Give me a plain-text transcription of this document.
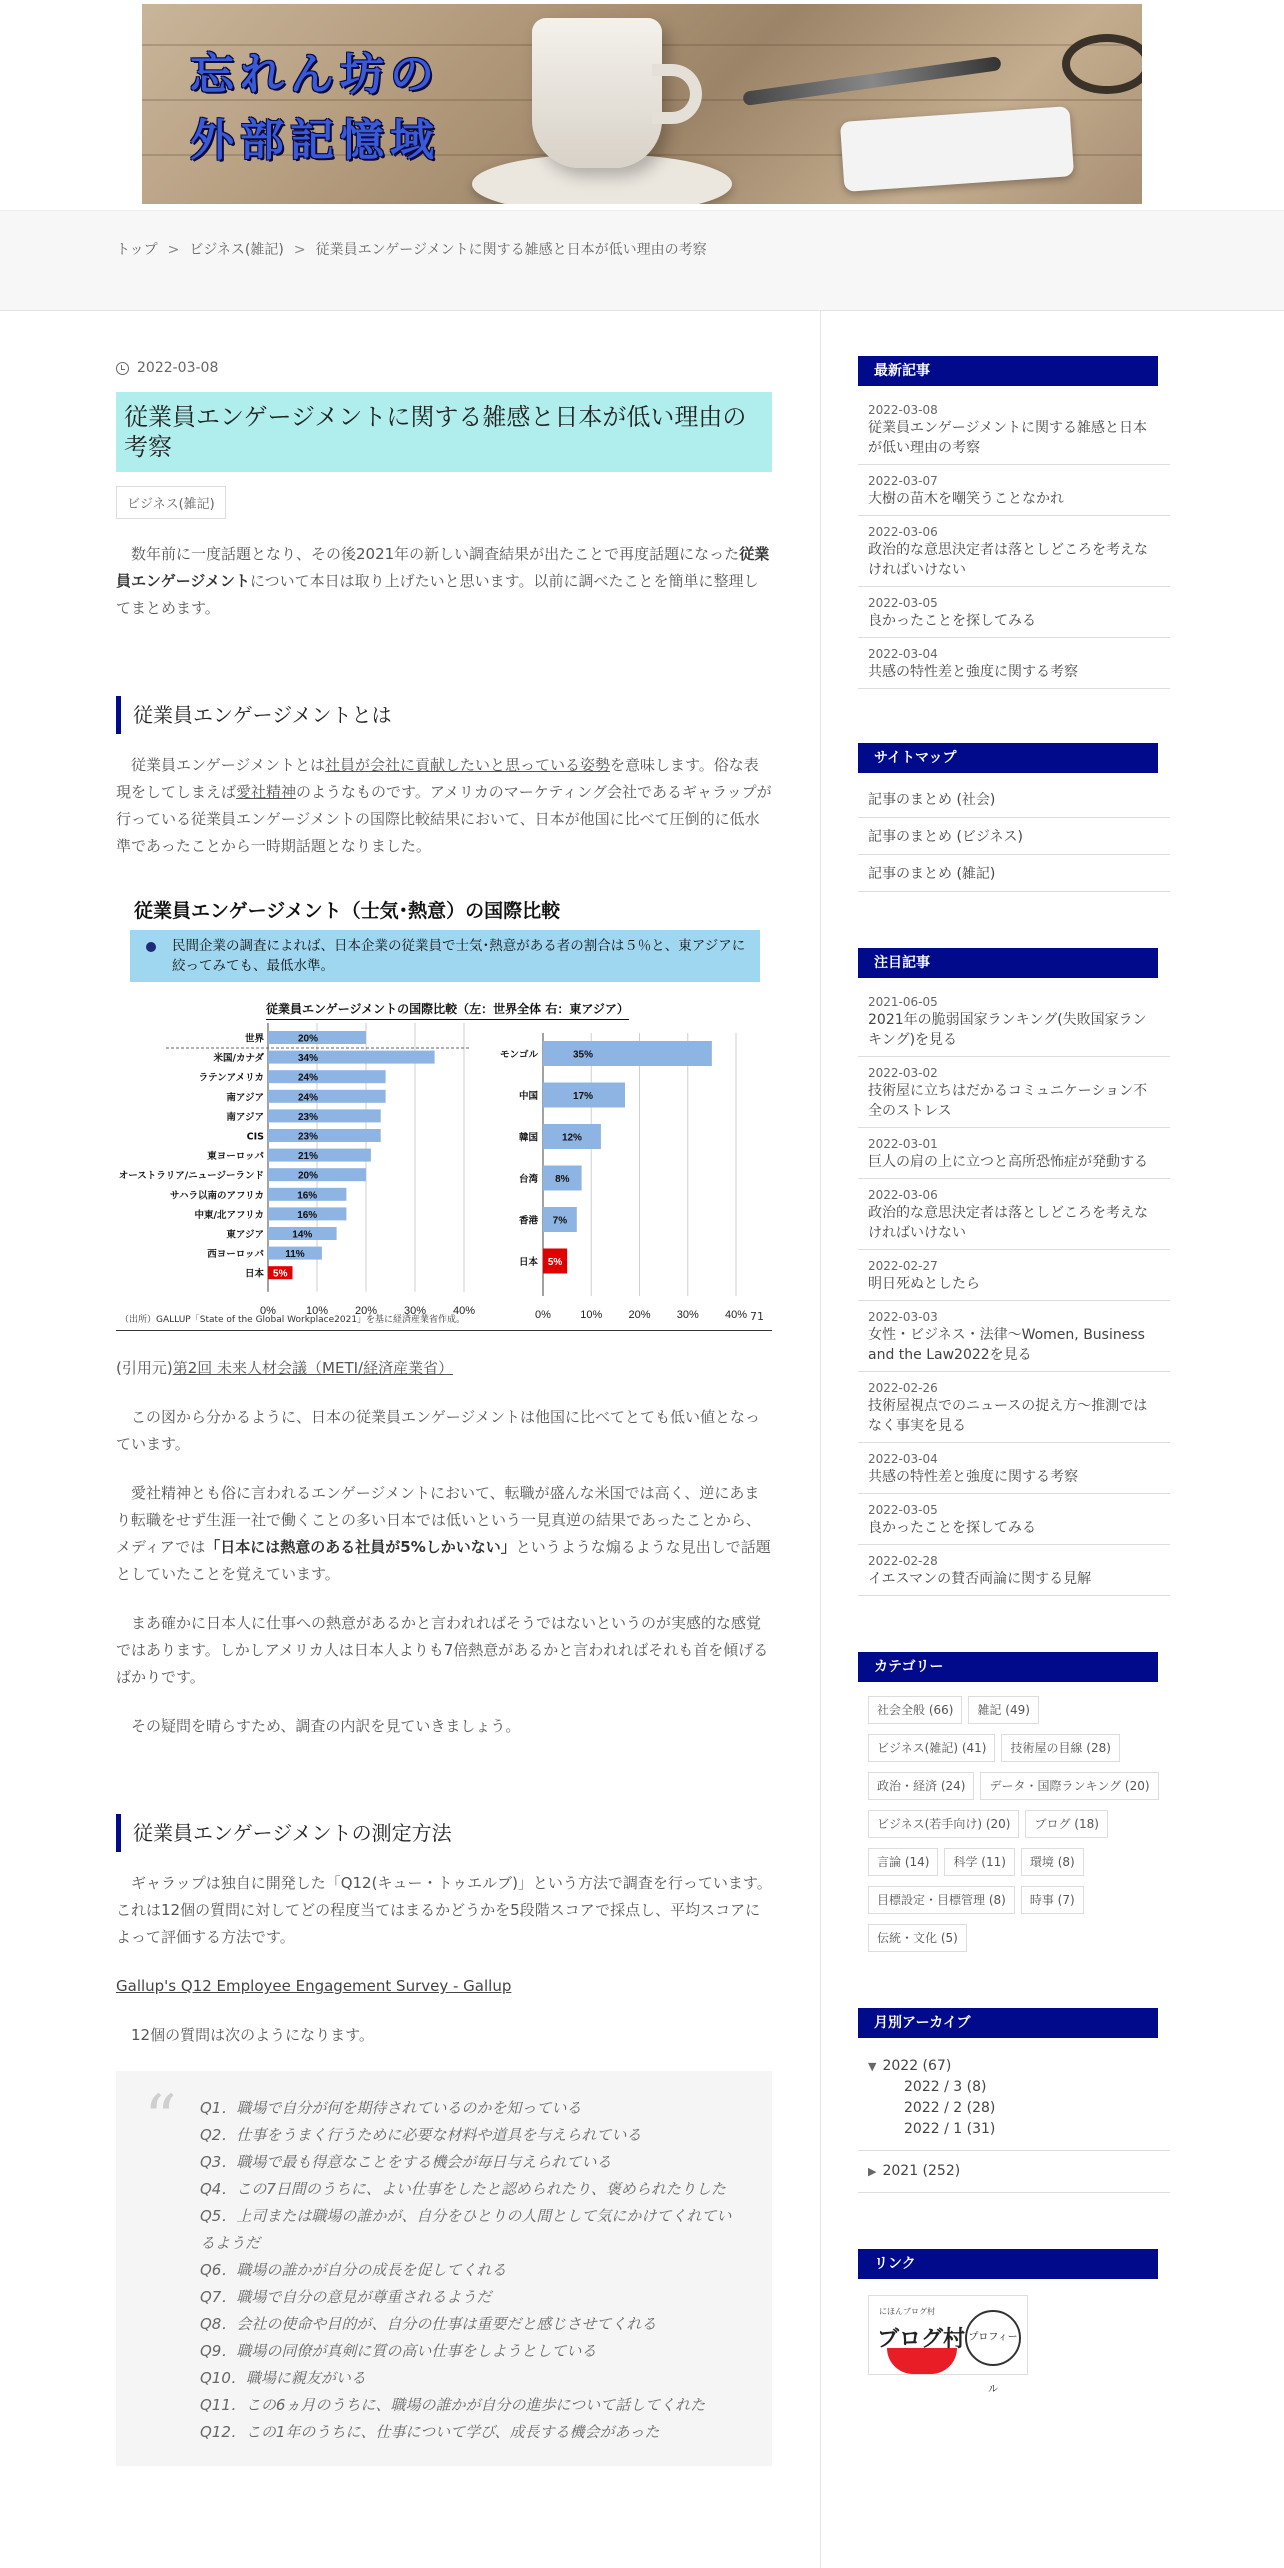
忘れん坊の
外部記憶域
トップ > ビジネス(雑記) > 従業員エンゲージメントに関する雑感と日本が低い理由の考察
2022-03-08
従業員エンゲージメントに関する雑感と日本が低い理由の考察
ビジネス(雑記)

数年前に一度話題となり、その後2021年の新しい調査結果が出たことで再度話題になった従業員エンゲージメントについて本日は取り上げたいと思います。以前に調べたことを簡単に整理してまとめます。

従業員エンゲージメントとは

従業員エンゲージメントとは社員が会社に貢献したいと思っている姿勢を意味します。俗な表現をしてしまえば愛社精神のようなものです。アメリカのマーケティング会社であるギャラップが行っている従業員エンゲージメントの国際比較結果において、日本が他国に比べて圧倒的に低水準であったことから一時期話題となりました。

従業員エンゲージメント（士気･熱意）の国際比較
民間企業の調査によれば、日本企業の従業員で士気･熱意がある者の割合は５％と、東アジアに絞ってみても、最低水準。
従業員エンゲージメントの国際比較（左：世界全体 右：東アジア）
0%	10% 20% 30% 40%
20%
世界
34%
米国/カナダ
24%
ラテンアメリカ
24%
南アジア
23%
南アジア
23%
CIS
21%
東ヨーロッパ
20%
オーストラリア/ニュージーランド
16%
サハラ以南のアフリカ
16%
中東/北アフリカ
14%
東アジア
11%
西ヨーロッパ
5%
日本
0%	10% 20% 30% 40%
35%
モンゴル
17%
中国
12%
韓国
8%
台湾
7%
香港
5%
日本
（出所）GALLUP「State of the Global Workplace2021」を基に経済産業省作成。	71

(引用元)第2回 未来人材会議（METI/経済産業省）

この図から分かるように、日本の従業員エンゲージメントは他国に比べてとても低い値となっています。

愛社精神とも俗に言われるエンゲージメントにおいて、転職が盛んな米国では高く、逆にあまり転職をせず生涯一社で働くことの多い日本では低いという一見真逆の結果であったことから、メディアでは「日本には熱意のある社員が5%しかいない」というような煽るような見出しで話題としていたことを覚えています。

まあ確かに日本人に仕事への熱意があるかと言われればそうではないというのが実感的な感覚ではあります。しかしアメリカ人は日本人よりも7倍熱意があるかと言われればそれも首を傾げるばかりです。

その疑問を晴らすため、調査の内訳を見ていきましょう。

従業員エンゲージメントの測定方法

ギャラップは独自に開発した「Q12(キュー・トゥエルブ)」という方法で調査を行っています。これは12個の質問に対してどの程度当てはまるかどうかを5段階スコアで採点し、平均スコアによって評価する方法です。

Gallup's Q12 Employee Engagement Survey - Gallup

12個の質問は次のようになります。

“ Q1．職場で自分が何を期待されているのかを知っている
Q2．仕事をうまく行うために必要な材料や道具を与えられている
Q3．職場で最も得意なことをする機会が毎日与えられている
Q4．この7日間のうちに、よい仕事をしたと認められたり、褒められたりした
Q5．上司または職場の誰かが、自分をひとりの人間として気にかけてくれているようだ
Q6．職場の誰かが自分の成長を促してくれる
Q7．職場で自分の意見が尊重されるようだ
Q8．会社の使命や目的が、自分の仕事は重要だと感じさせてくれる
Q9．職場の同僚が真剣に質の高い仕事をしようとしている
Q10．職場に親友がいる
Q11．この6ヵ月のうちに、職場の誰かが自分の進歩について話してくれた
Q12．この1年のうちに、仕事について学び、成長する機会があった
最新記事
2022-03-08
従業員エンゲージメントに関する雑感と日本が低い理由の考察
2022-03-07
大樹の苗木を嘲笑うことなかれ
2022-03-06
政治的な意思決定者は落としどころを考えなければいけない
2022-03-05
良かったことを探してみる
2022-03-04
共感の特性差と強度に関する考察
サイトマップ
記事のまとめ (社会)
記事のまとめ (ビジネス)
記事のまとめ (雑記)
注目記事
2021-06-05
2021年の脆弱国家ランキング(失敗国家ランキング)を見る
2022-03-02
技術屋に立ちはだかるコミュニケーション不全のストレス
2022-03-01
巨人の肩の上に立つと高所恐怖症が発動する
2022-03-06
政治的な意思決定者は落としどころを考えなければいけない
2022-02-27
明日死ぬとしたら
2022-03-03
女性・ビジネス・法律～Women, Business and the Law2022を見る
2022-02-26
技術屋視点でのニュースの捉え方～推測ではなく事実を見る
2022-03-04
共感の特性差と強度に関する考察
2022-03-05
良かったことを探してみる
2022-02-28
イエスマンの賛否両論に関する見解
カテゴリー
社会全般 (66)	雑記 (49)
ビジネス(雑記) (41)	技術屋の目線 (28)
政治・経済 (24)	データ・国際ランキング (20)
ビジネス(若手向け) (20)	ブログ (18)
言論 (14)	科学 (11)	環境 (8)
目標設定・目標管理 (8)	時事 (7)
伝統・文化 (5)
月別アーカイブ
▼ 2022 (67)
2022 / 3 (8)
2022 / 2 (28)
2022 / 1 (31)
▶ 2021 (252)
リンク
にほんブログ村
ブログ村 プロフィール
